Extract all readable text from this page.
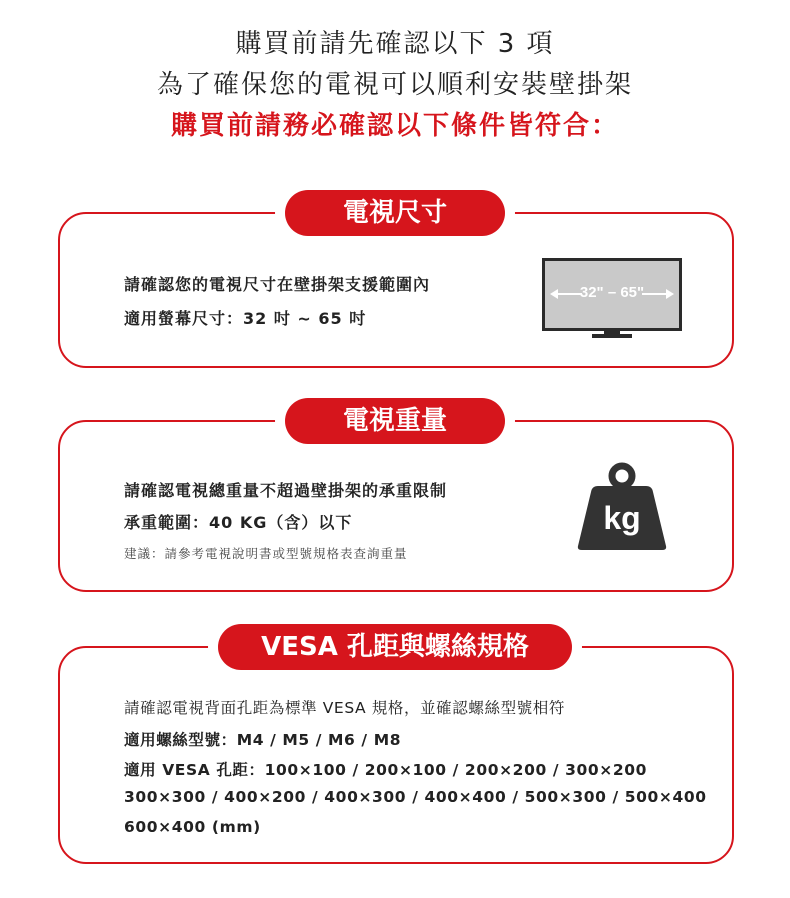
購買前請先確認以下 3 項
為了確保您的電視可以順利安裝壁掛架
購買前請務必確認以下條件皆符合：
請確認您的電視尺寸在壁掛架支援範圍內
適用螢幕尺寸：32 吋 ~ 65 吋
32" – 65"
電視尺寸
請確認電視總重量不超過壁掛架的承重限制
承重範圍：40 KG（含）以下
建議：請參考電視說明書或型號規格表查詢重量
kg
電視重量
請確認電視背面孔距為標準 VESA 規格，並確認螺絲型號相符
適用螺絲型號：M4 / M5 / M6 / M8
適用 VESA 孔距：100×100 / 200×100 / 200×200 / 300×200
300×300 / 400×200 / 400×300 / 400×400 / 500×300 / 500×400
600×400 (mm)
VESA 孔距與螺絲規格
